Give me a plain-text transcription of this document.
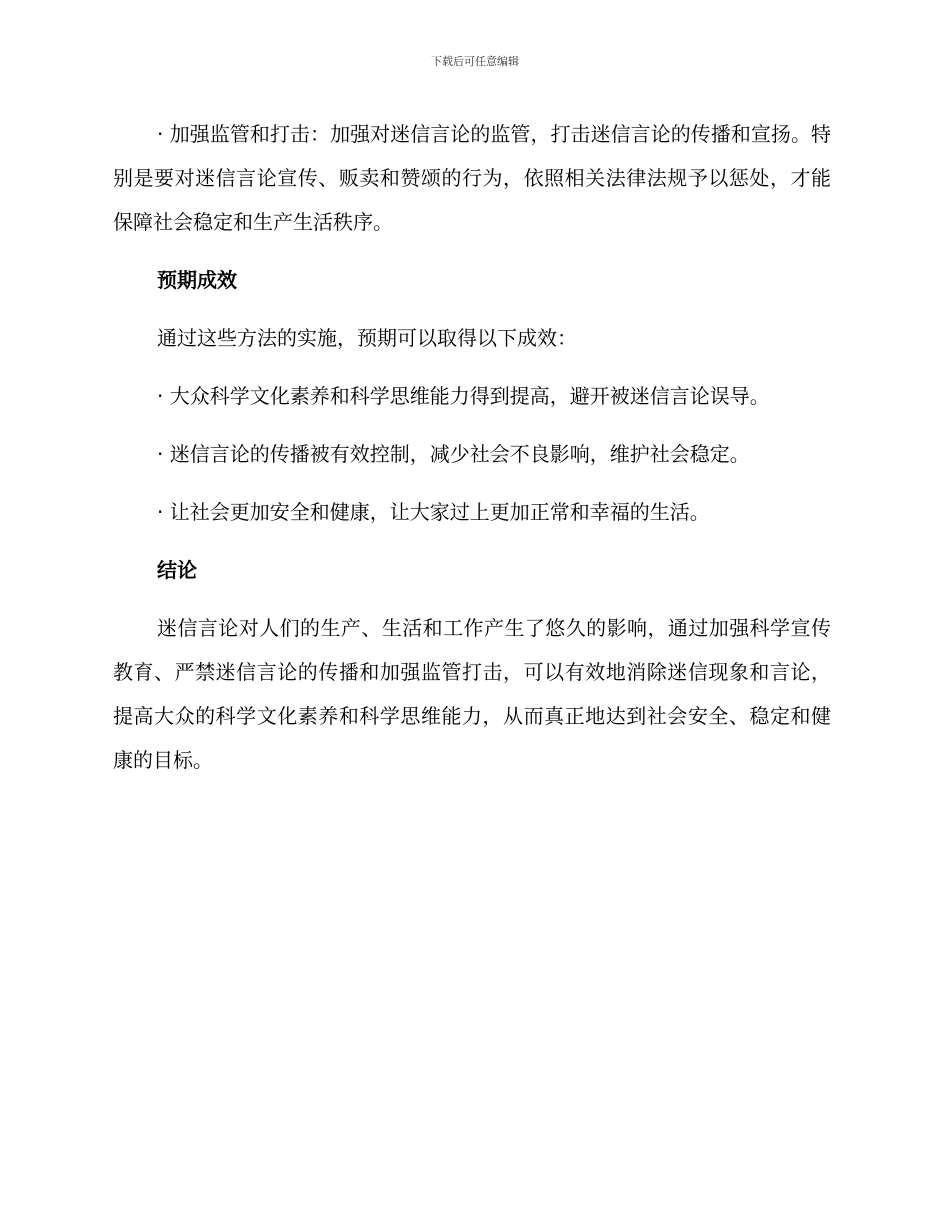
下载后可任意编辑

· 加强监管和打击：加强对迷信言论的监管，打击迷信言论的传播和宣扬。特别是要对迷信言论宣传、贩卖和赞颂的行为，依照相关法律法规予以惩处，才能保障社会稳定和生产生活秩序。

预期成效

通过这些方法的实施，预期可以取得以下成效：

· 大众科学文化素养和科学思维能力得到提高，避开被迷信言论误导。

· 迷信言论的传播被有效控制，减少社会不良影响，维护社会稳定。

· 让社会更加安全和健康，让大家过上更加正常和幸福的生活。

结论

迷信言论对人们的生产、生活和工作产生了悠久的影响，通过加强科学宣传教育、严禁迷信言论的传播和加强监管打击，可以有效地消除迷信现象和言论，提高大众的科学文化素养和科学思维能力，从而真正地达到社会安全、稳定和健康的目标。
